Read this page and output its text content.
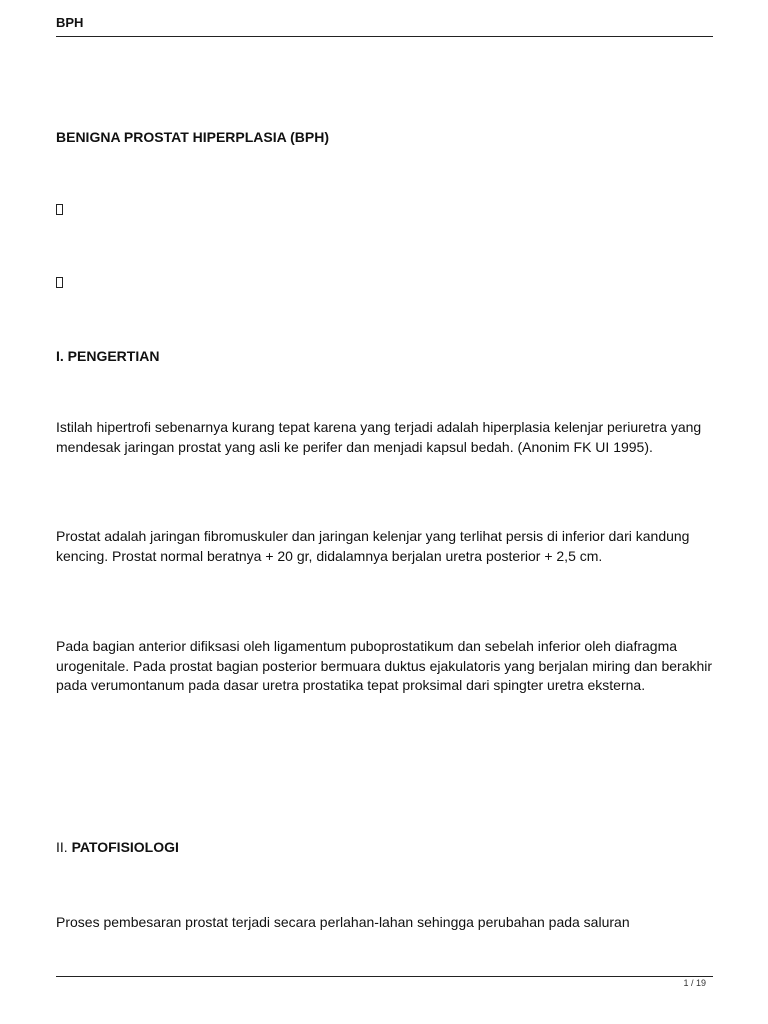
BPH
BENIGNA PROSTAT HIPERPLASIA (BPH)
I. PENGERTIAN
Istilah hipertrofi sebenarnya kurang tepat karena yang terjadi adalah hiperplasia kelenjar periuretra yang mendesak jaringan prostat yang asli ke perifer dan menjadi kapsul bedah. (Anonim FK UI 1995).
Prostat adalah jaringan fibromuskuler dan jaringan kelenjar yang terlihat persis di inferior dari kandung kencing. Prostat normal beratnya + 20 gr, didalamnya berjalan uretra posterior + 2,5 cm.
Pada bagian anterior difiksasi oleh ligamentum puboprostatikum dan sebelah inferior oleh diafragma urogenitale. Pada prostat bagian posterior bermuara duktus ejakulatoris yang berjalan miring dan berakhir pada verumontanum pada dasar uretra prostatika tepat proksimal dari spingter uretra eksterna.
II. PATOFISIOLOGI
Proses pembesaran prostat terjadi secara perlahan-lahan sehingga perubahan pada saluran
1 / 19
